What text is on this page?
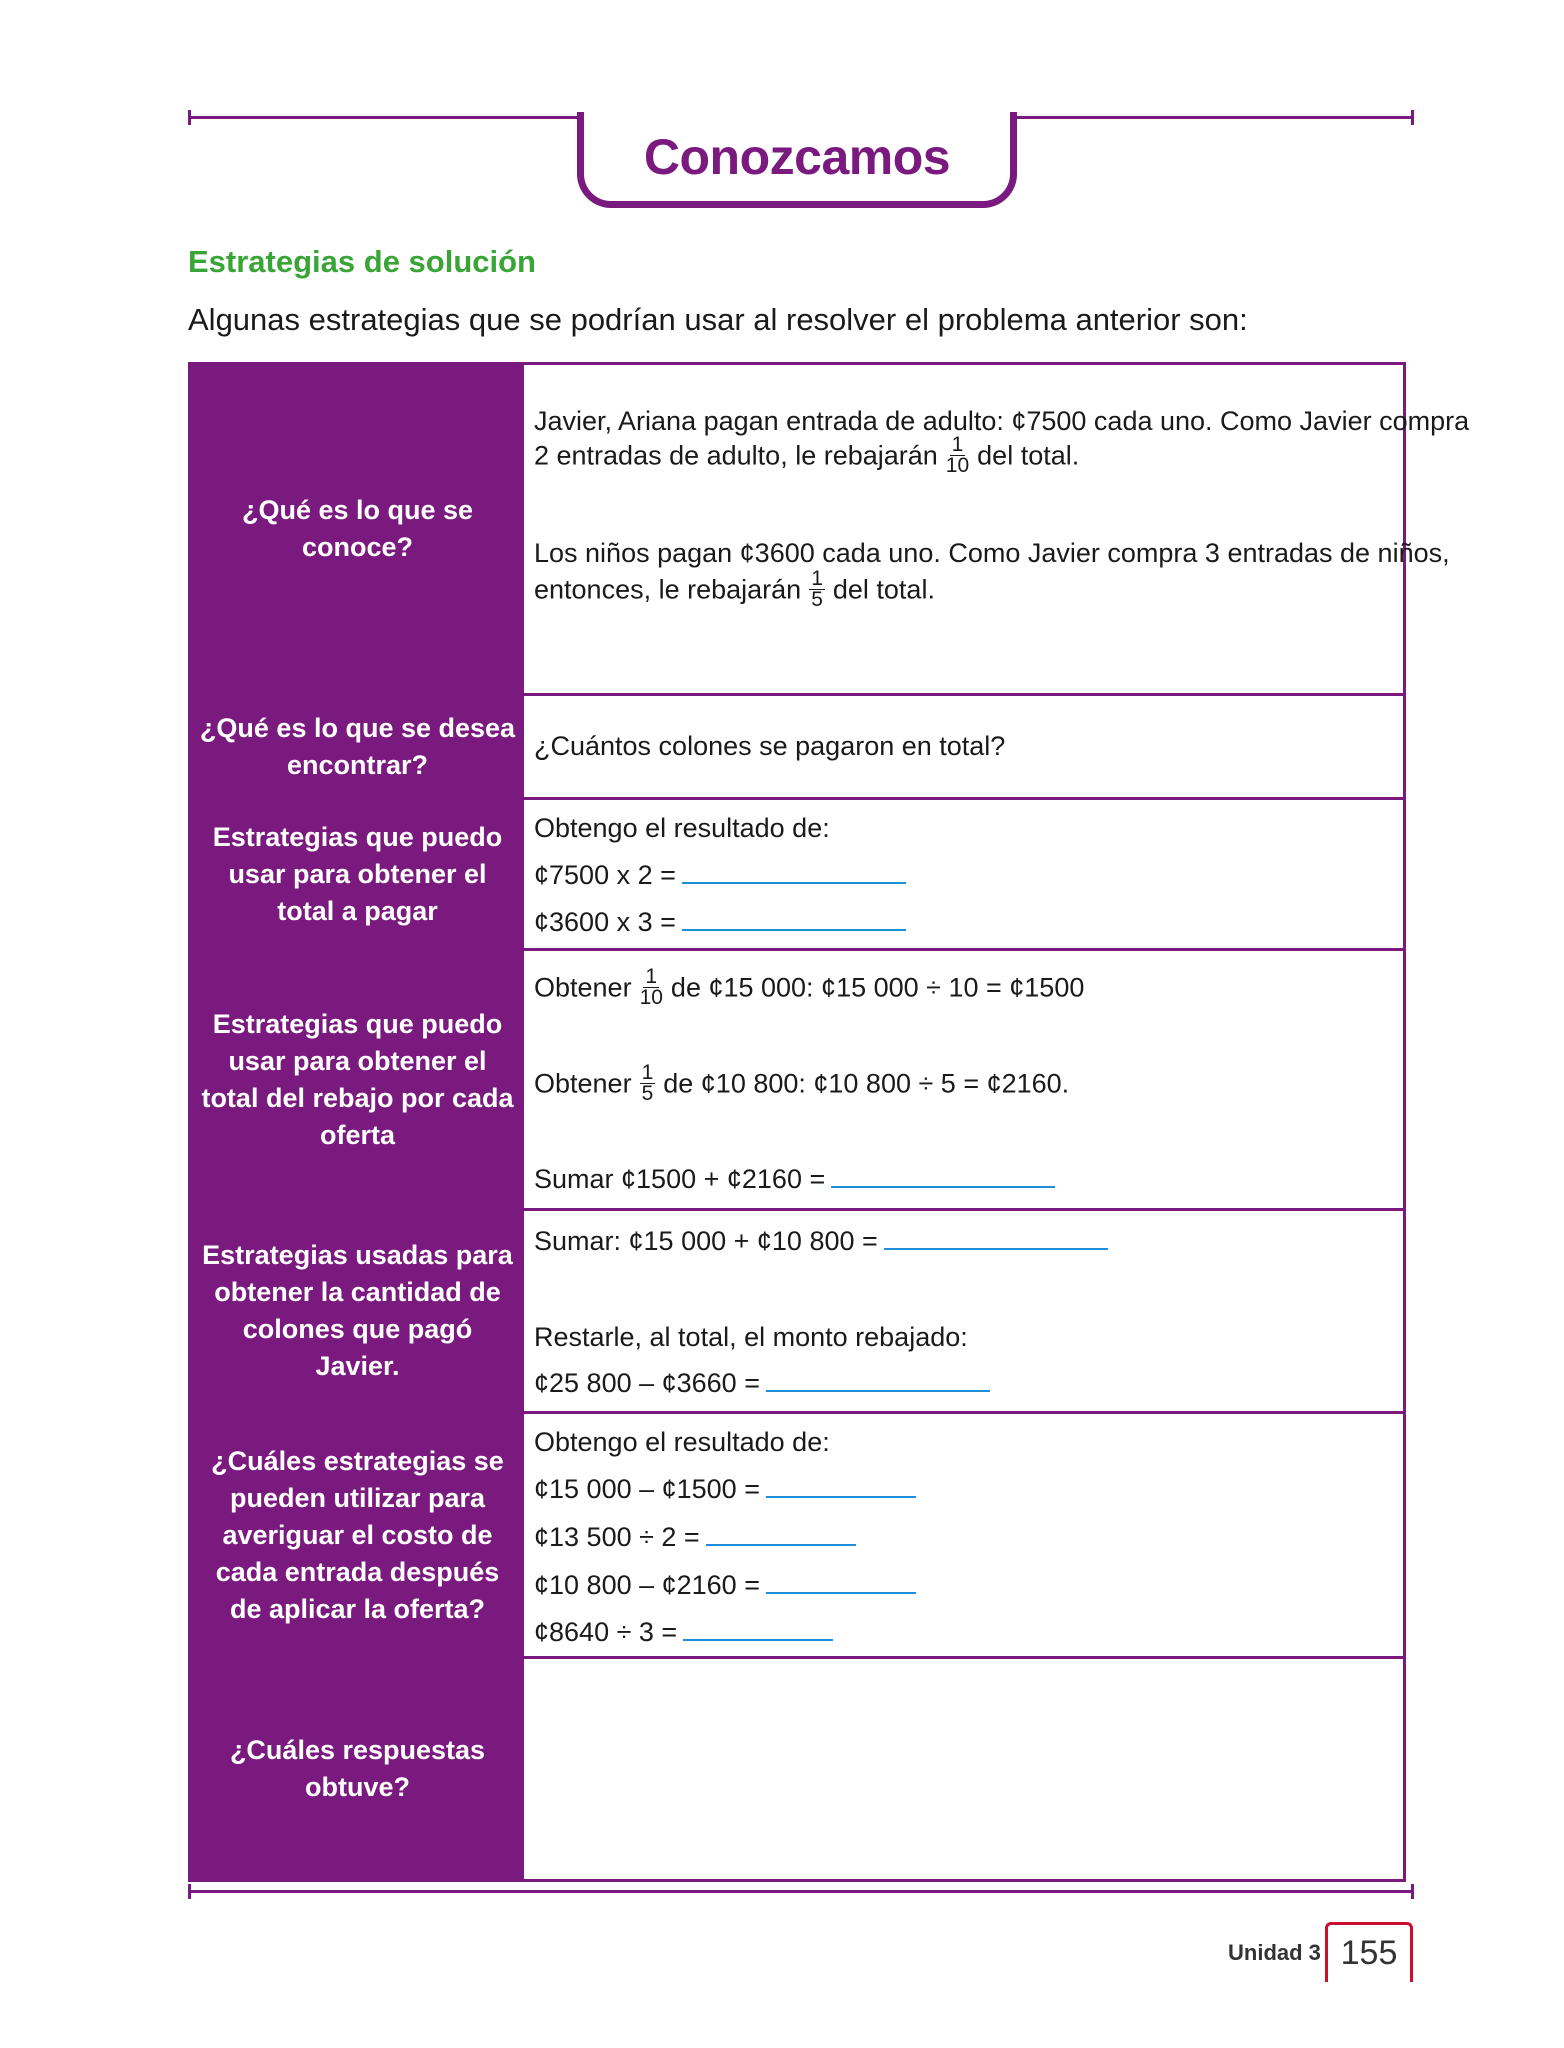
Conozcamos
Estrategias de solución
Algunas estrategias que se podrían usar al resolver el problema anterior son:
¿Qué es lo que se conoce?
Javier, Ariana pagan entrada de adulto: ¢7500 cada uno. Como Javier compra
2 entradas de adulto, le rebajarán $\frac{1}{10}$ del total.
Los niños pagan ¢3600 cada uno. Como Javier compra 3 entradas de niños,
entonces, le rebajarán $\frac{1}{5}$ del total.
¿Qué es lo que se desea encontrar?
¿Cuántos colones se pagaron en total?
Estrategias que puedo usar para obtener el total a pagar
Obtengo el resultado de:
¢7500 x 2 =
¢3600 x 3 =
Estrategias que puedo usar para obtener el total del rebajo por cada oferta
Obtener $\frac{1}{10}$ de ¢15 000: ¢15 000 ÷ 10 = ¢1500
Obtener $\frac{1}{5}$ de ¢10 800: ¢10 800 ÷ 5 = ¢2160.
Sumar ¢1500 + ¢2160 =
Estrategias usadas para obtener la cantidad de colones que pagó Javier.
Sumar: ¢15 000 + ¢10 800 =
Restarle, al total, el monto rebajado:
¢25 800 – ¢3660 =
¿Cuáles estrategias se pueden utilizar para averiguar el costo de cada entrada después de aplicar la oferta?
Obtengo el resultado de:
¢15 000 – ¢1500 =
¢13 500 ÷ 2 =
¢10 800 – ¢2160 =
¢8640 ÷ 3 =
¿Cuáles respuestas obtuve?
Unidad 3 155
